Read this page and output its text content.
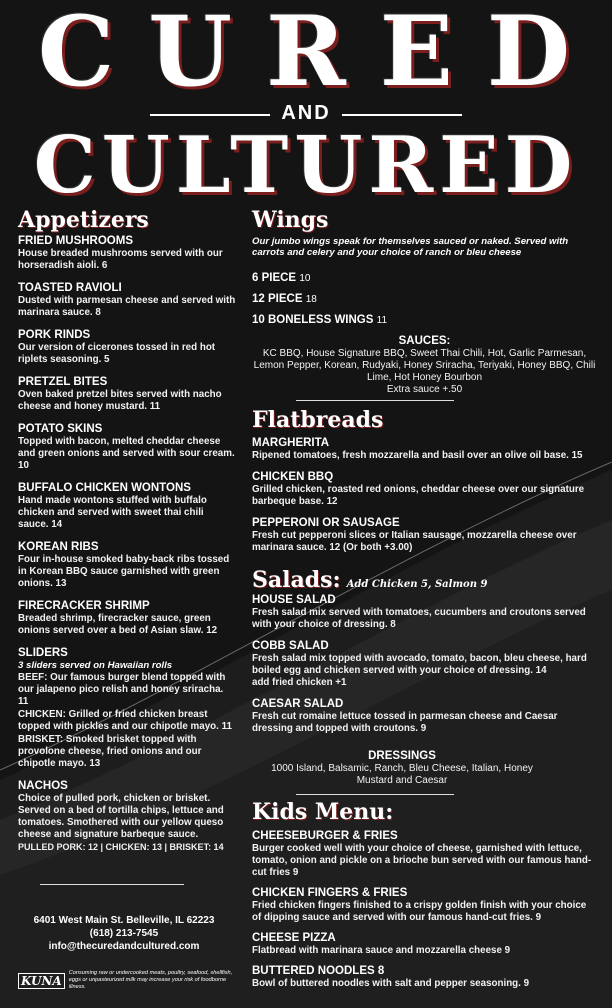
CURED
AND
CULTURED
Appetizers
FRIED MUSHROOMS
House breaded mushrooms served with our horseradish aioli. 6
TOASTED RAVIOLI
Dusted with parmesan cheese and served with marinara sauce. 8
PORK RINDS
Our version of cicerones tossed in red hot riplets seasoning. 5
PRETZEL BITES
Oven baked pretzel bites served with nacho cheese and honey mustard. 11
POTATO SKINS
Topped with bacon, melted cheddar cheese and green onions and served with sour cream. 10
BUFFALO CHICKEN WONTONS
Hand made wontons stuffed with buffalo chicken and served with sweet thai chili sauce. 14
KOREAN RIBS
Four in-house smoked baby-back ribs tossed in Korean BBQ sauce garnished with green onions. 13
FIRECRACKER SHRIMP
Breaded shrimp, firecracker sauce, green onions served over a bed of Asian slaw. 12
SLIDERS
3 sliders served on Hawaiian rolls
BEEF: Our famous burger blend topped with our jalapeno pico relish and honey sriracha. 11
CHICKEN: Grilled or fried chicken breast topped with pickles and our chipotle mayo. 11
BRISKET: Smoked brisket topped with provolone cheese, fried onions and our chipotle mayo. 13
NACHOS
Choice of pulled pork, chicken or brisket. Served on a bed of tortilla chips, lettuce and tomatoes. Smothered with our yellow queso cheese and signature barbeque sauce.
PULLED PORK: 12 | CHICKEN: 13 | BRISKET: 14
6401 West Main St. Belleville, IL 62223
(618) 213-7545
info@thecuredandcultured.com
KUNA
Consuming raw or undercooked meats, poultry, seafood, shellfish, eggs or unpasteurized milk may increase your risk of foodborne illness.
Wings
Our jumbo wings speak for themselves sauced or naked. Served with carrots and celery and your choice of ranch or bleu cheese
6 PIECE 10
12 PIECE 18
10 BONELESS WINGS 11
SAUCES:
KC BBQ, House Signature BBQ, Sweet Thai Chili, Hot, Garlic Parmesan, Lemon Pepper, Korean, Rudyaki, Honey Sriracha, Teriyaki, Honey BBQ, Chili Lime, Hot Honey Bourbon
Extra sauce +.50
Flatbreads
MARGHERITA
Ripened tomatoes, fresh mozzarella and basil over an olive oil base. 15
CHICKEN BBQ
Grilled chicken, roasted red onions, cheddar cheese over our signature barbeque base. 12
PEPPERONI OR SAUSAGE
Fresh cut pepperoni slices or Italian sausage, mozzarella cheese over marinara sauce. 12 (Or both +3.00)
Salads: Add Chicken 5, Salmon 9
HOUSE SALAD
Fresh salad mix served with tomatoes, cucumbers and croutons served with your choice of dressing. 8
COBB SALAD
Fresh salad mix topped with avocado, tomato, bacon, bleu cheese, hard boiled egg and chicken served with your choice of dressing. 14
add fried chicken +1
CAESAR SALAD
Fresh cut romaine lettuce tossed in parmesan cheese and Caesar dressing and topped with croutons. 9
DRESSINGS
1000 Island, Balsamic, Ranch, Bleu Cheese, Italian, Honey Mustard and Caesar
Kids Menu:
CHEESEBURGER & FRIES
Burger cooked well with your choice of cheese, garnished with lettuce, tomato, onion and pickle on a brioche bun served with our famous hand-cut fries 9
CHICKEN FINGERS & FRIES
Fried chicken fingers finished to a crispy golden finish with your choice of dipping sauce and served with our famous hand-cut fries. 9
CHEESE PIZZA
Flatbread with marinara sauce and mozzarella cheese 9
BUTTERED NOODLES 8
Bowl of buttered noodles with salt and pepper seasoning. 9
